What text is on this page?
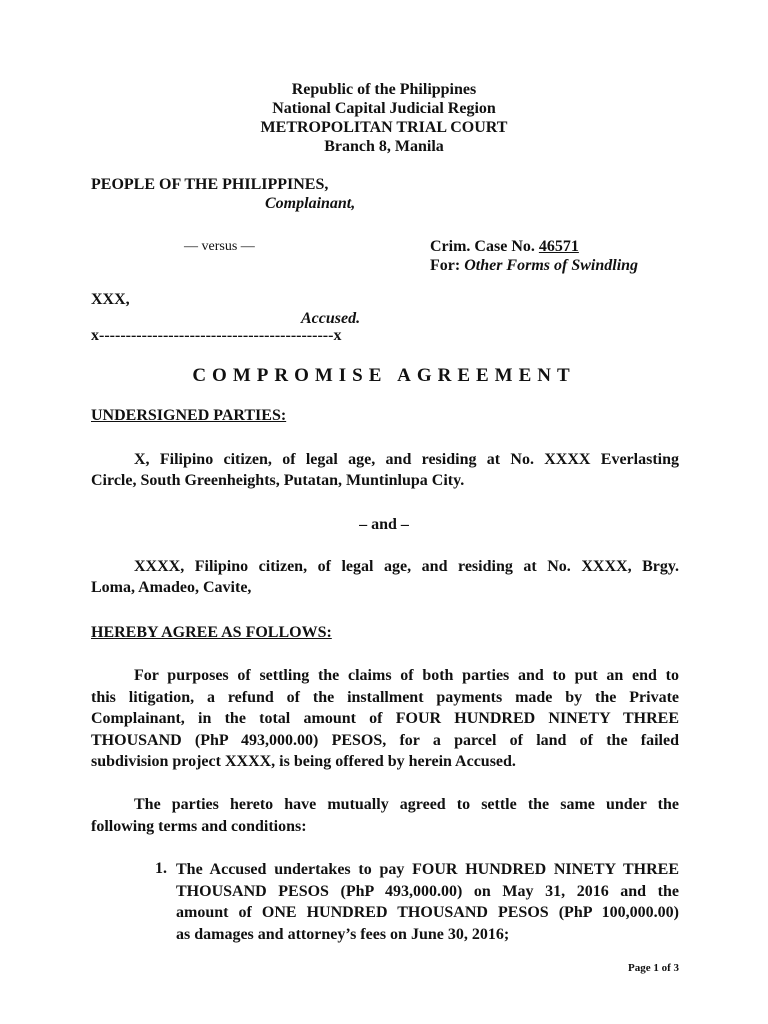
Republic of the Philippines
National Capital Judicial Region
METROPOLITAN TRIAL COURT
Branch 8, Manila
PEOPLE OF THE PHILIPPINES,
Complainant,
— versus —	Crim. Case No. 46571
For: Other Forms of Swindling
XXX,
Accused.
x--------------------------------------------x
COMPROMISE AGREEMENT
UNDERSIGNED PARTIES:
X, Filipino citizen, of legal age, and residing at No. XXXX Everlasting
Circle, South Greenheights, Putatan, Muntinlupa City.
– and –
XXXX, Filipino citizen, of legal age, and residing at No. XXXX, Brgy.
Loma, Amadeo, Cavite,
HEREBY AGREE AS FOLLOWS:
For purposes of settling the claims of both parties and to put an end to
this litigation, a refund of the installment payments made by the Private
Complainant, in the total amount of FOUR HUNDRED NINETY THREE
THOUSAND (PhP 493,000.00) PESOS, for a parcel of land of the failed
subdivision project XXXX, is being offered by herein Accused.
The parties hereto have mutually agreed to settle the same under the
following terms and conditions:
1. The Accused undertakes to pay FOUR HUNDRED NINETY THREE
THOUSAND PESOS (PhP 493,000.00) on May 31, 2016 and the
amount of ONE HUNDRED THOUSAND PESOS (PhP 100,000.00)
as damages and attorney’s fees on June 30, 2016;
Page 1 of 3
